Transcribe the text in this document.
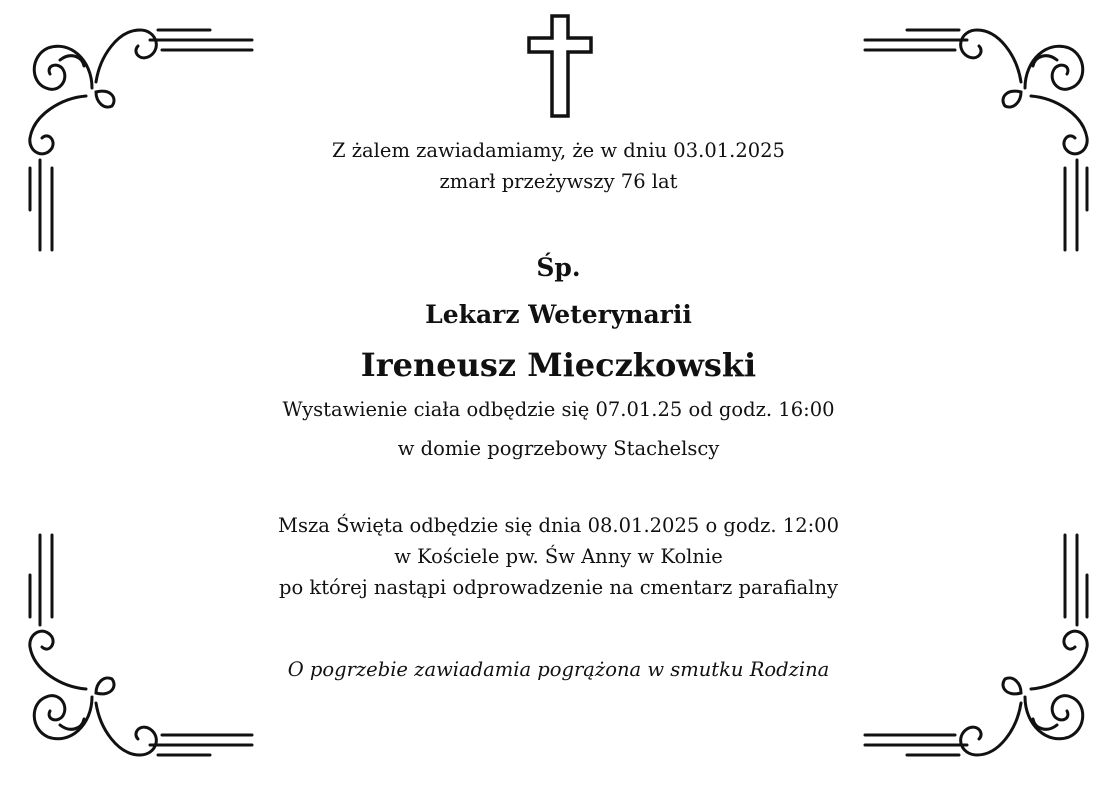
Z żalem zawiadamiamy, że w dniu 03.01.2025
zmarł przeżywszy 76 lat
Śp.
Lekarz Weterynarii
Ireneusz Mieczkowski
Wystawienie ciała odbędzie się 07.01.25 od godz. 16:00
w domie pogrzebowy Stachelscy
Msza Święta odbędzie się dnia 08.01.2025 o godz. 12:00
w Kościele pw. Św Anny w Kolnie
po której nastąpi odprowadzenie na cmentarz parafialny
O pogrzebie zawiadamia pogrążona w smutku Rodzina
